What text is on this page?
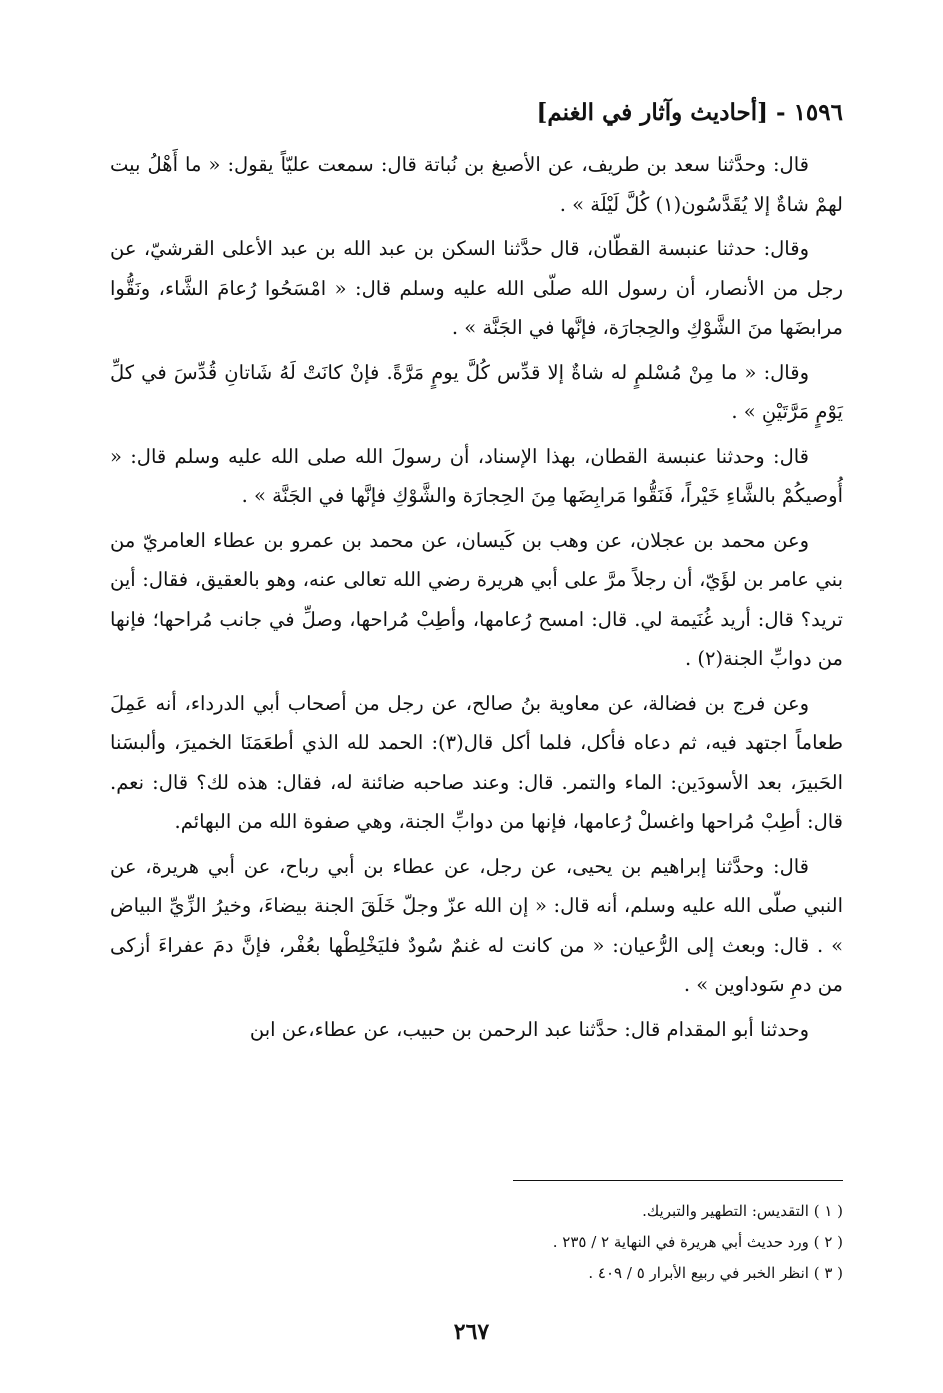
١٥٩٦ - [أحاديث وآثار في الغنم]

قال: وحدَّثنا سعد بن طريف، عن الأصبغ بن نُباتة قال: سمعت عليّاً يقول: « ما أَهْلُ بيت لهمْ شاةٌ إلا يُقَدَّسُون(١) كُلَّ لَيْلَة » .

وقال: حدثنا عنبسة القطّان، قال حدَّثنا السكن بن عبد الله بن عبد الأعلى القرشيّ، عن رجل من الأنصار، أن رسول الله صلّى الله عليه وسلم قال: « امْسَحُوا رُعامَ الشَّاء، ونَقُّوا مرابضَها منَ الشَّوْكِ والحِجارَة، فإنَّها في الجَنَّة » .

وقال: « ما مِنْ مُسْلمٍ له شاةٌ إلا قدِّس كُلَّ يومٍ مَرَّةً. فإنْ كانَتْ لَهُ شَاتانِ قُدِّسَ في كلِّ يَوْمٍ مَرَّتَيْنِ » .

قال: وحدثنا عنبسة القطان، بهذا الإسناد، أن رسولَ الله صلى الله عليه وسلم قال: « أُوصيكُمْ بالشَّاءِ خَيْراً، فَنَقُّوا مَرابِضَها مِنَ الحِجارَة والشَّوْكِ فإنَّها في الجَنَّة » .

وعن محمد بن عجلان، عن وهب بن كَيسان، عن محمد بن عمرو بن عطاء العامريّ من بني عامر بن لؤَيّ، أن رجلاً مرَّ على أبي هريرة رضي الله تعالى عنه، وهو بالعقيق، فقال: أين تريد؟ قال: أريد غُنَيمة لي. قال: امسح رُعامها، وأطِبْ مُراحها، وصلِّ في جانب مُراحها؛ فإنها من دوابِّ الجنة(٢) .

وعن فرج بن فضالة، عن معاوية بنُ صالح، عن رجل من أصحاب أبي الدرداء، أنه عَمِلَ طعاماً اجتهد فيه، ثم دعاه فأكل، فلما أكل قال(٣): الحمد لله الذي أطعَمَنَا الخميرَ، وألبسَنا الحَبيرَ، بعد الأسودَين: الماء والتمر. قال: وعند صاحبه ضائنة له، فقال: هذه لك؟ قال: نعم. قال: أطِبْ مُراحها واغسلْ رُعامها، فإنها من دوابِّ الجنة، وهي صفوة الله من البهائم.

قال: وحدَّثنا إبراهيم بن يحيى، عن رجل، عن عطاء بن أبي رباح، عن أبي هريرة، عن النبي صلّى الله عليه وسلم، أنه قال: « إن الله عزّ وجلّ خَلَقَ الجنة بيضاءَ، وخيرُ الزِّيِّ البياض » . قال: وبعث إلى الرُّعيان: « من كانت له غنمٌ سُودٌ فليَخْلِطْها بعُفْر، فإنَّ دمَ عفراءَ أزكى من دمِ سَوداوين » .

وحدثنا أبو المقدام قال: حدَّثنا عبد الرحمن بن حبيب، عن عطاء،عن ابن

( ١ ) التقديس: التطهير والتبريك.
( ٢ ) ورد حديث أبي هريرة في النهاية ٢ / ٢٣٥ .
( ٣ ) انظر الخبر في ربيع الأبرار ٥ / ٤٠٩ .
٢٦٧
